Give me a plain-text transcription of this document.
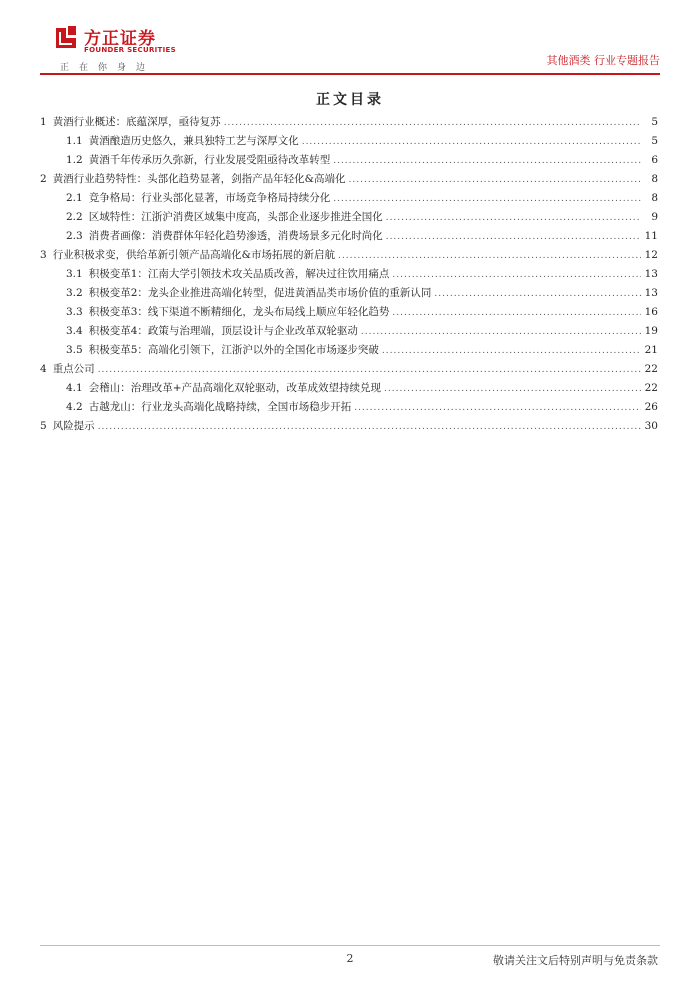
方正证券
FOUNDER SECURITIES
正在你身边
其他酒类 行业专题报告
正文目录
1 黄酒行业概述：底蕴深厚，亟待复苏 .....	5
1.1 黄酒酿造历史悠久，兼具独特工艺与深厚文化 .....	5
1.2 黄酒千年传承历久弥新，行业发展受阻亟待改革转型 .....	6
2 黄酒行业趋势特性：头部化趋势显著，剑指产品年轻化&高端化 .....	8
2.1 竞争格局：行业头部化显著，市场竞争格局持续分化 .....	8
2.2 区域特性：江浙沪消费区域集中度高，头部企业逐步推进全国化 .....	9
2.3 消费者画像：消费群体年轻化趋势渗透，消费场景多元化时尚化 .....	11
3 行业积极求变，供给革新引领产品高端化&市场拓展的新启航 .....	12
3.1 积极变革1：江南大学引领技术攻关品质改善，解决过往饮用痛点 .....	13
3.2 积极变革2：龙头企业推进高端化转型，促进黄酒品类市场价值的重新认同 .....	13
3.3 积极变革3：线下渠道不断精细化，龙头布局线上顺应年轻化趋势 .....	16
3.4 积极变革4：政策与治理端，顶层设计与企业改革双轮驱动 .....	19
3.5 积极变革5：高端化引领下，江浙沪以外的全国化市场逐步突破 .....	21
4 重点公司 .....	22
4.1 会稽山：治理改革+产品高端化双轮驱动，改革成效望持续兑现 .....	22
4.2 古越龙山：行业龙头高端化战略持续，全国市场稳步开拓 .....	26
5 风险提示 .....	30
2	敬请关注文后特别声明与免责条款
